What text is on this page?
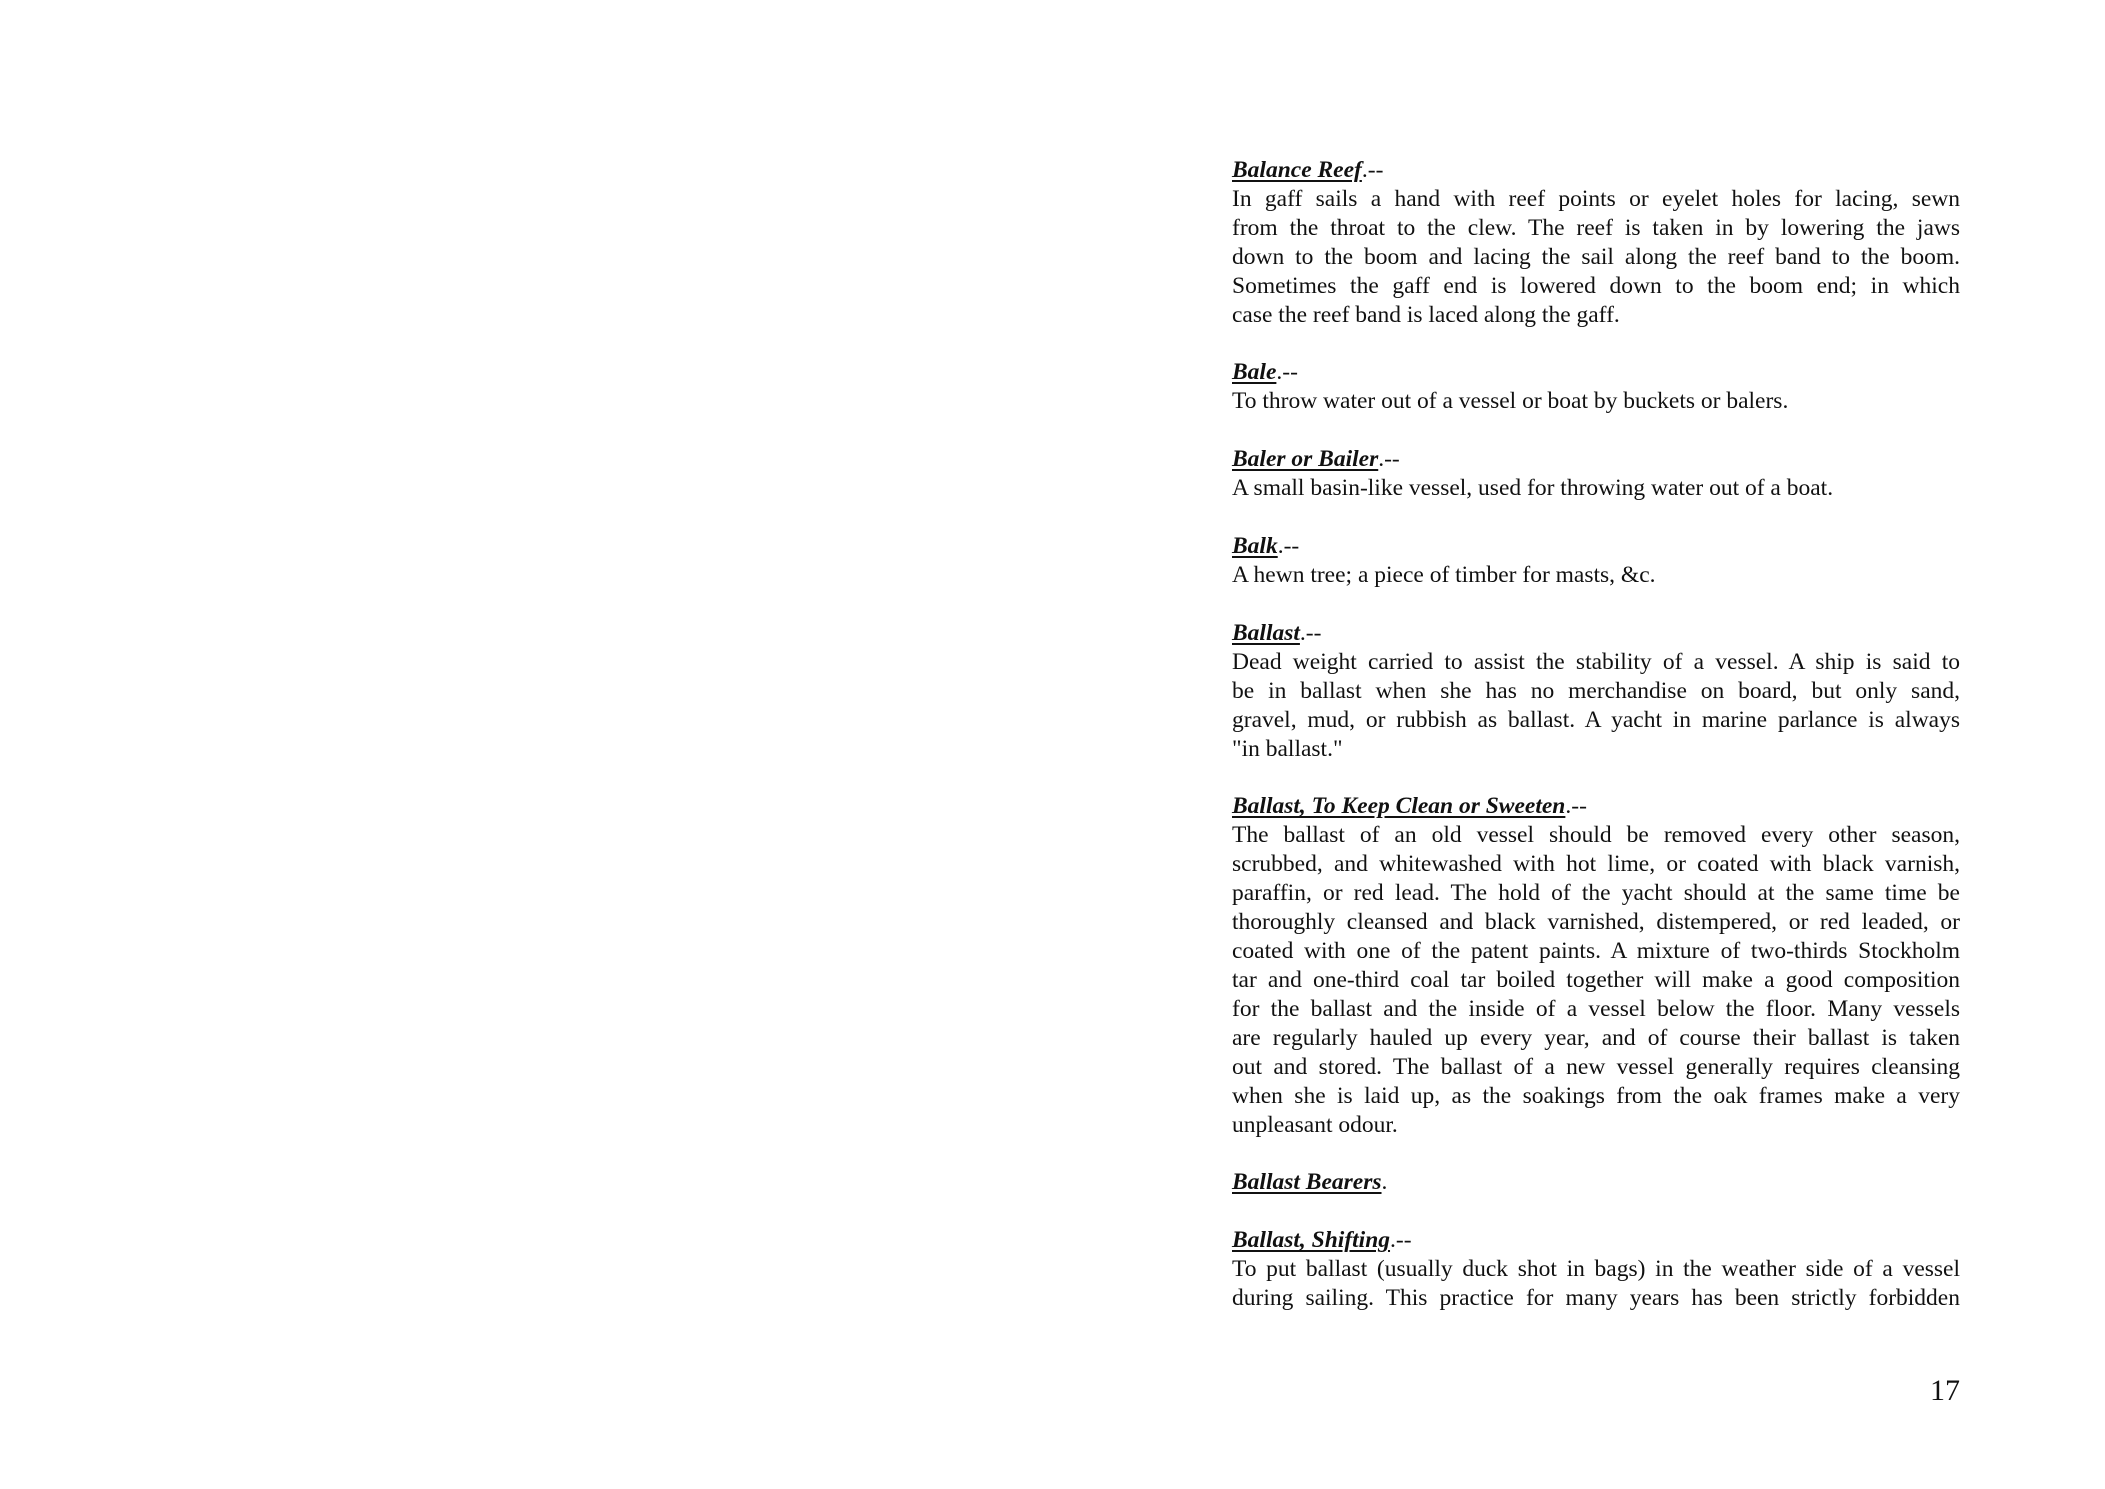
Balance Reef.--
In gaff sails a hand with reef points or eyelet holes for lacing, sewn
from the throat to the clew. The reef is taken in by lowering the jaws
down to the boom and lacing the sail along the reef band to the boom.
Sometimes the gaff end is lowered down to the boom end; in which
case the reef band is laced along the gaff.
Bale.--
To throw water out of a vessel or boat by buckets or balers.
Baler or Bailer.--
A small basin-like vessel, used for throwing water out of a boat.
Balk.--
A hewn tree; a piece of timber for masts, &c.
Ballast.--
Dead weight carried to assist the stability of a vessel. A ship is said to
be in ballast when she has no merchandise on board, but only sand,
gravel, mud, or rubbish as ballast. A yacht in marine parlance is always
"in ballast."
Ballast, To Keep Clean or Sweeten.--
The ballast of an old vessel should be removed every other season,
scrubbed, and whitewashed with hot lime, or coated with black varnish,
paraffin, or red lead. The hold of the yacht should at the same time be
thoroughly cleansed and black varnished, distempered, or red leaded, or
coated with one of the patent paints. A mixture of two-thirds Stockholm
tar and one-third coal tar boiled together will make a good composition
for the ballast and the inside of a vessel below the floor. Many vessels
are regularly hauled up every year, and of course their ballast is taken
out and stored. The ballast of a new vessel generally requires cleansing
when she is laid up, as the soakings from the oak frames make a very
unpleasant odour.
Ballast Bearers.
Ballast, Shifting.--
To put ballast (usually duck shot in bags) in the weather side of a vessel
during sailing. This practice for many years has been strictly forbidden
17
